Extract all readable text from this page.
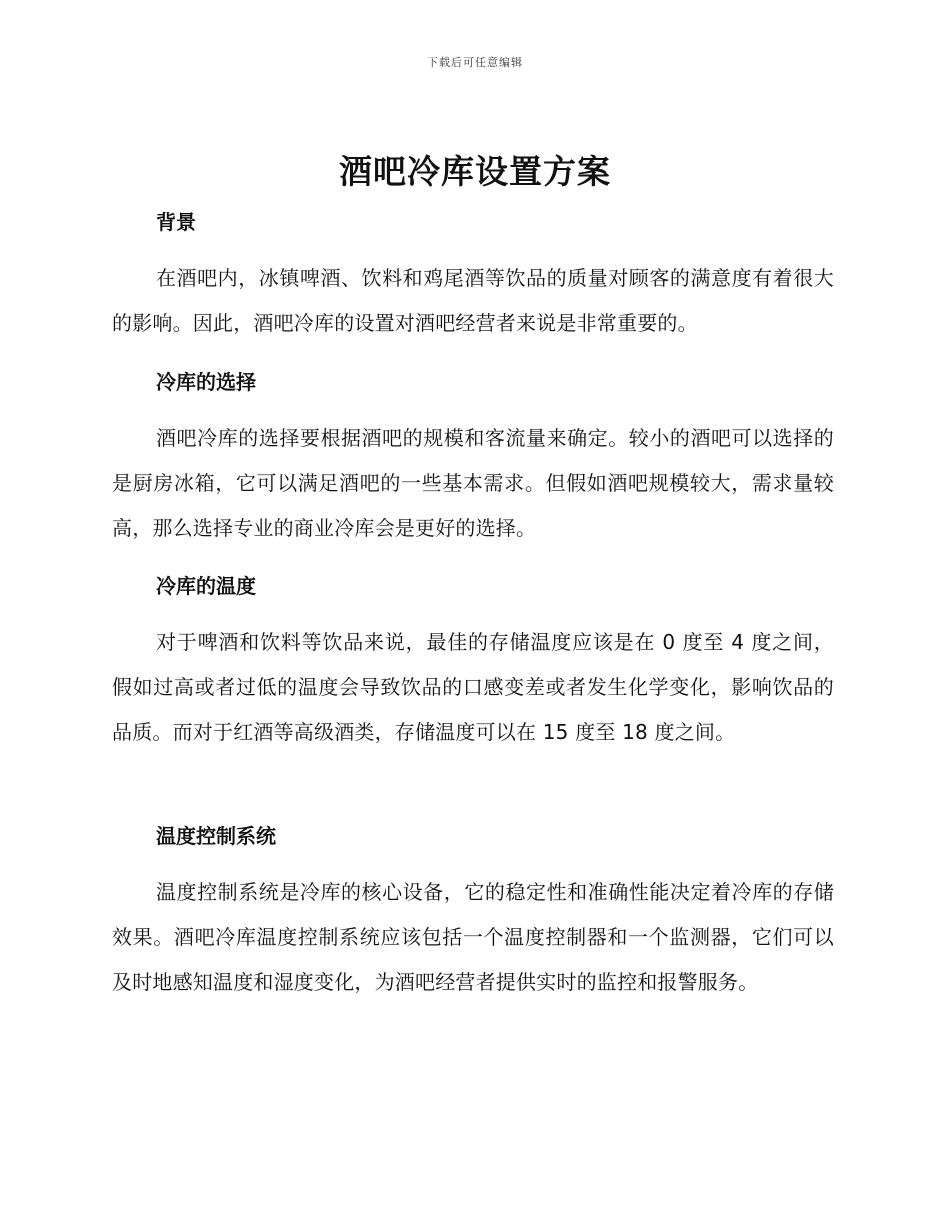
下载后可任意编辑
酒吧冷库设置方案
背景

在酒吧内，冰镇啤酒、饮料和鸡尾酒等饮品的质量对顾客的满意度有着很大的影响。因此，酒吧冷库的设置对酒吧经营者来说是非常重要的。

冷库的选择

酒吧冷库的选择要根据酒吧的规模和客流量来确定。较小的酒吧可以选择的是厨房冰箱，它可以满足酒吧的一些基本需求。但假如酒吧规模较大，需求量较高，那么选择专业的商业冷库会是更好的选择。

冷库的温度

对于啤酒和饮料等饮品来说，最佳的存储温度应该是在 0 度至 4 度之间，假如过高或者过低的温度会导致饮品的口感变差或者发生化学变化，影响饮品的品质。而对于红酒等高级酒类，存储温度可以在 15 度至 18 度之间。

温度控制系统

温度控制系统是冷库的核心设备，它的稳定性和准确性能决定着冷库的存储效果。酒吧冷库温度控制系统应该包括一个温度控制器和一个监测器，它们可以及时地感知温度和湿度变化，为酒吧经营者提供实时的监控和报警服务。
